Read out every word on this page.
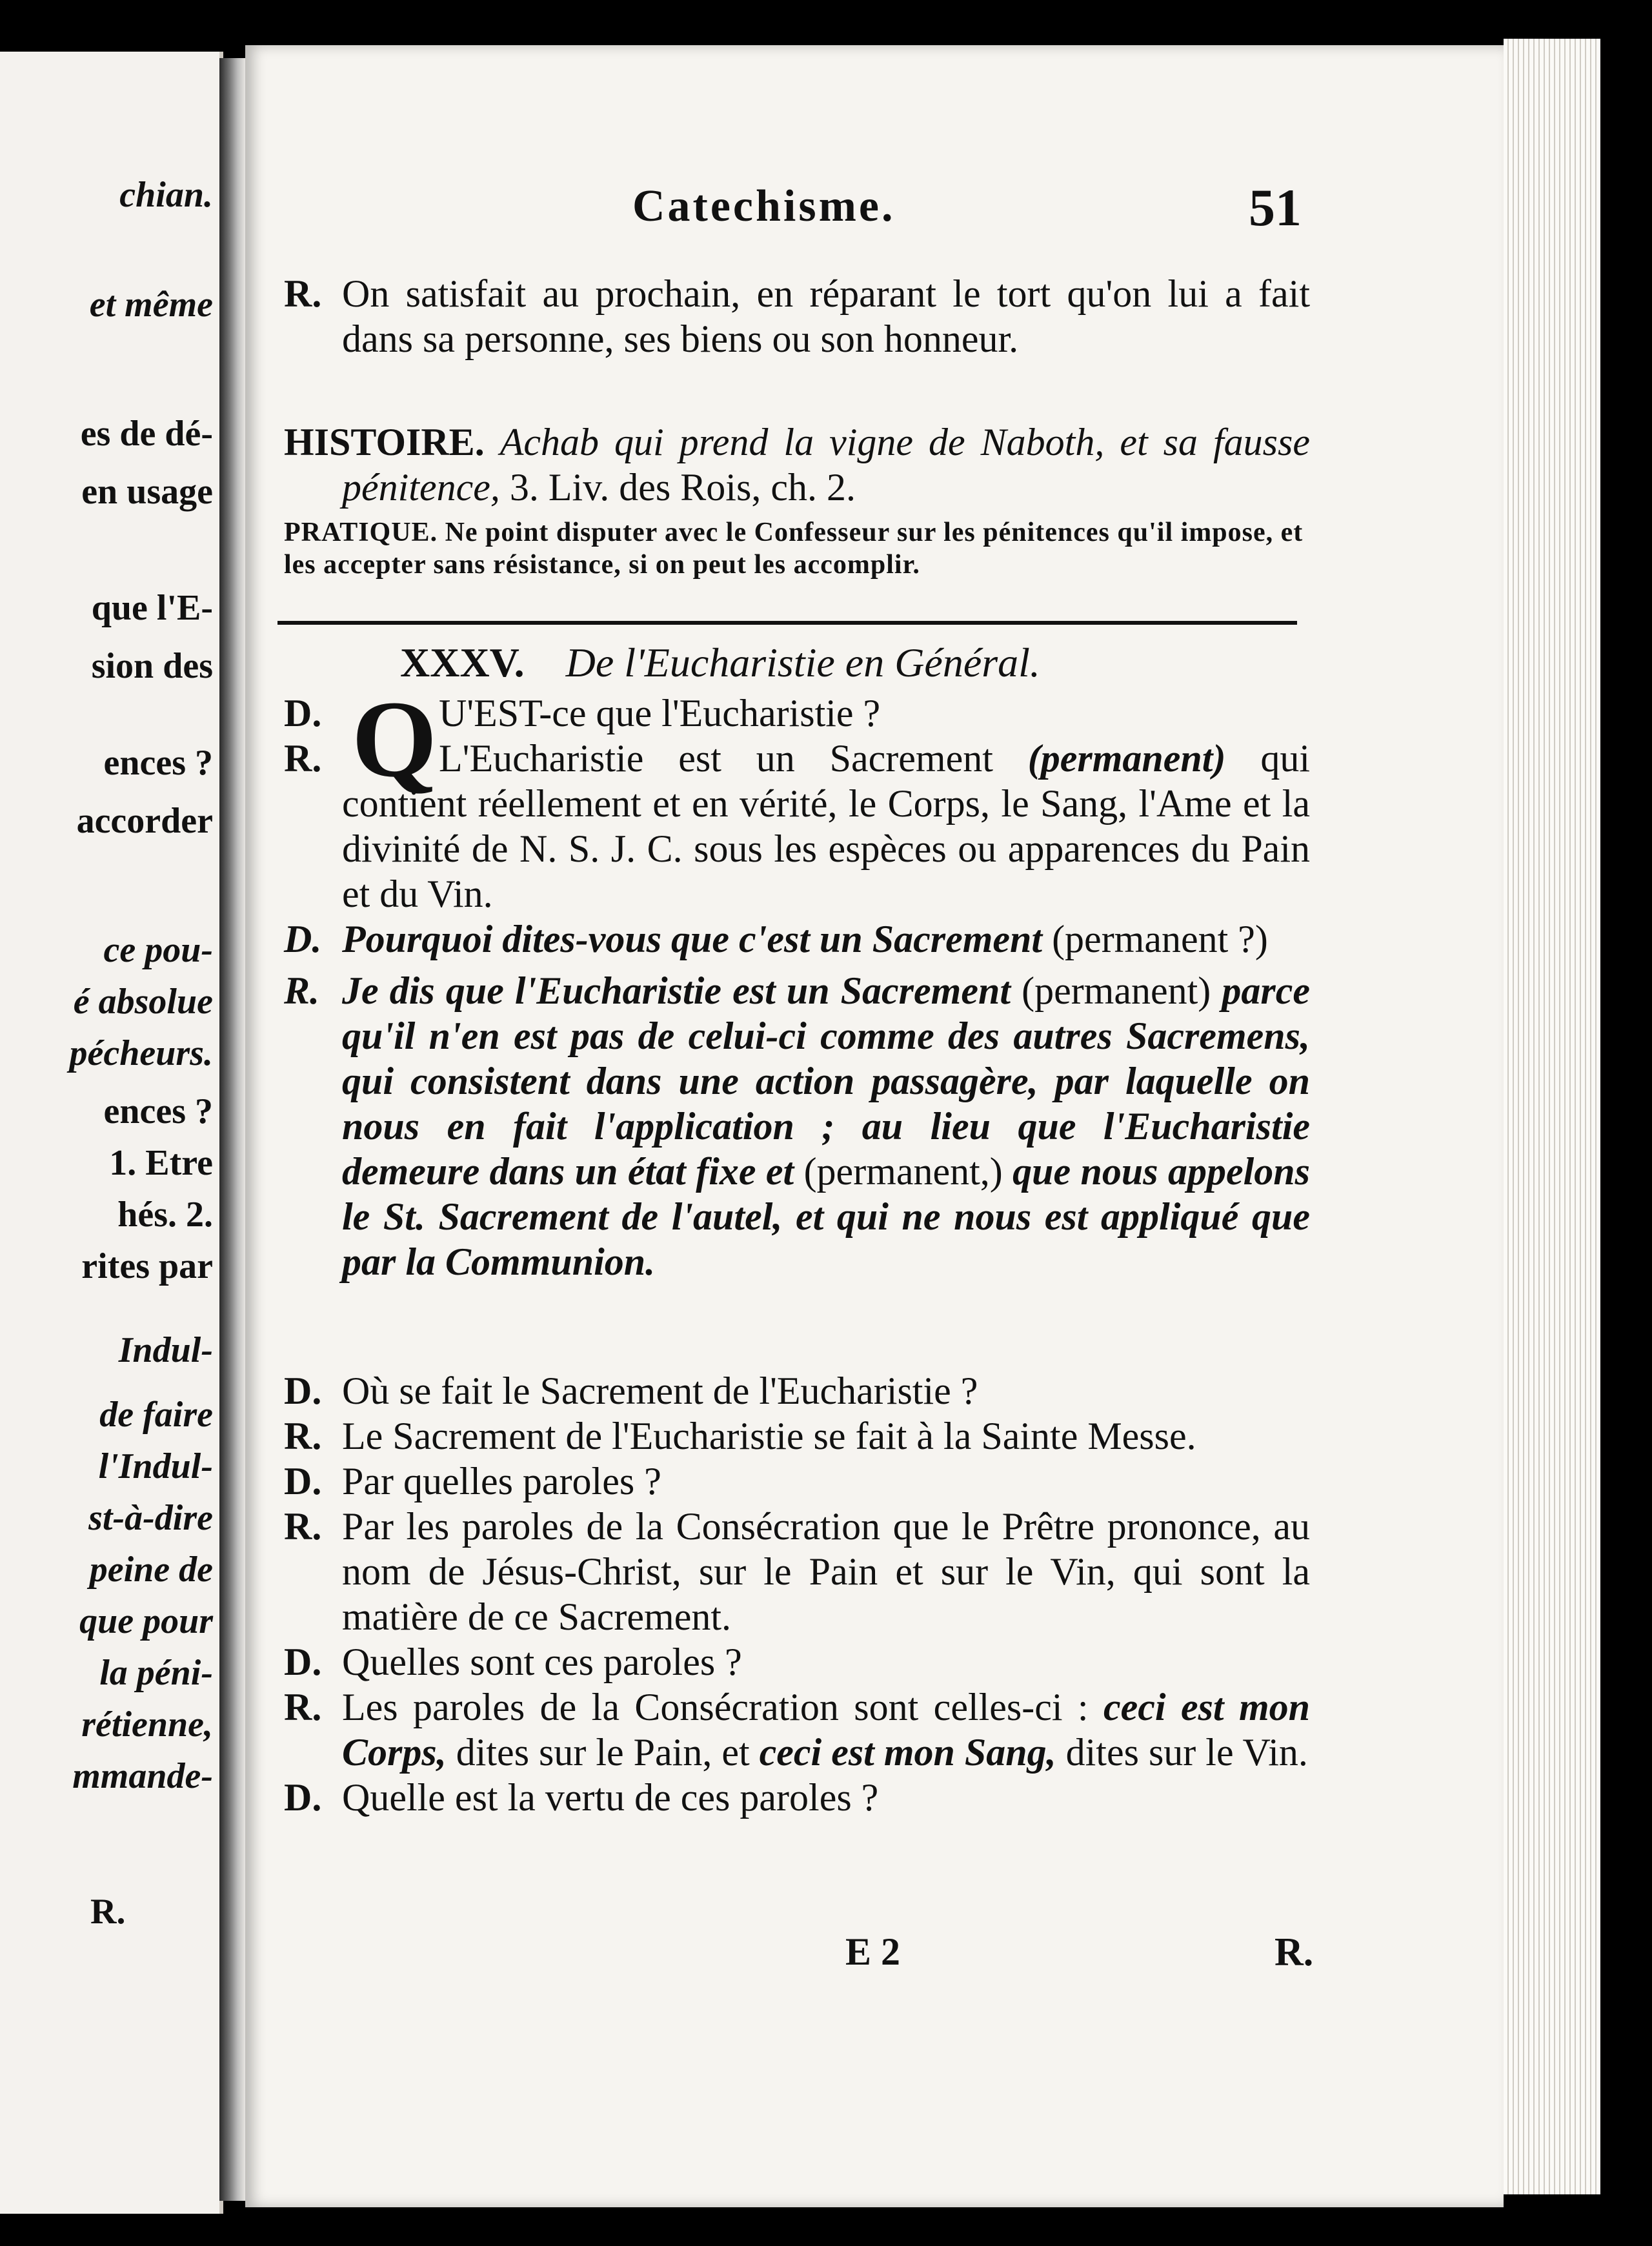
chian.
et même
es de dé-
en usage
que l'E-
sion des
ences ?
accorder
ce pou-
é absolue
pécheurs.
ences ?
1. Etre
hés. 2.
rites par
Indul-
de faire
l'Indul-
st-à-dire
peine de
que pour
la péni-
rétienne,
mmande-
R.
Catechisme.	51
R. On satisfait au prochain, en réparant le tort qu'on lui a fait dans sa personne, ses biens ou son honneur.
HISTOIRE. Achab qui prend la vigne de Naboth, et sa fausse pénitence, 3. Liv. des Rois, ch. 2.
PRATIQUE. Ne point disputer avec le Confesseur sur les pénitences qu'il impose, et les accepter sans résistance, si on peut les accomplir.
XXXV. De l'Eucharistie en Général.
Q
D.	U'EST-ce que l'Eucharistie ?
R.	L'Eucharistie est un Sacrement (permanent) qui contient réellement et en vérité, le Corps, le Sang, l'Ame et la divinité de N. S. J. C. sous les espèces ou apparences du Pain et du Vin.
D. Pourquoi dites-vous que c'est un Sacrement (permanent ?)
R. Je dis que l'Eucharistie est un Sacrement (permanent) parce qu'il n'en est pas de celui-ci comme des autres Sacremens, qui consistent dans une action passagère, par laquelle on nous en fait l'application ; au lieu que l'Eucharistie demeure dans un état fixe et (permanent,) que nous appelons le St. Sacrement de l'autel, et qui ne nous est appliqué que par la Communion.
D. Où se fait le Sacrement de l'Eucharistie ?
R. Le Sacrement de l'Eucharistie se fait à la Sainte Messe.
D. Par quelles paroles ?
R. Par les paroles de la Consécration que le Prêtre prononce, au nom de Jésus-Christ, sur le Pain et sur le Vin, qui sont la matière de ce Sacrement.
D. Quelles sont ces paroles ?
R. Les paroles de la Consécration sont celles-ci : ceci est mon Corps, dites sur le Pain, et ceci est mon Sang, dites sur le Vin.
D. Quelle est la vertu de ces paroles ?
E 2	R.
